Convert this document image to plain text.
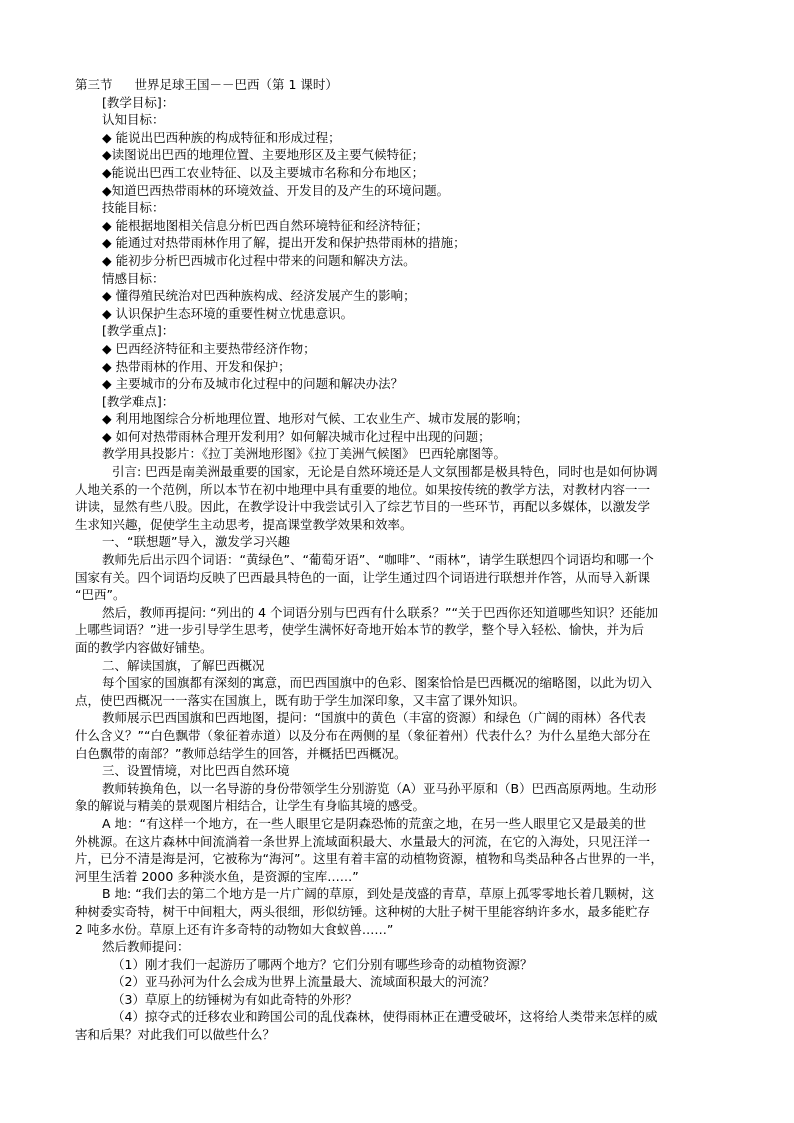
第三节 世界足球王国－－巴西（第 1 课时）
[教学目标]：
认知目标：
◆ 能说出巴西种族的构成特征和形成过程；
◆读图说出巴西的地理位置、主要地形区及主要气候特征；
◆能说出巴西工农业特征、以及主要城市名称和分布地区；
◆知道巴西热带雨林的环境效益、开发目的及产生的环境问题。
技能目标：
◆ 能根据地图相关信息分析巴西自然环境特征和经济特征；
◆ 能通过对热带雨林作用了解，提出开发和保护热带雨林的措施；
◆ 能初步分析巴西城市化过程中带来的问题和解决方法。
情感目标：
◆ 懂得殖民统治对巴西种族构成、经济发展产生的影响；
◆ 认识保护生态环境的重要性树立忧患意识。
[教学重点]：
◆ 巴西经济特征和主要热带经济作物；
◆ 热带雨林的作用、开发和保护；
◆ 主要城市的分布及城市化过程中的问题和解决办法？
[教学难点]：
◆ 利用地图综合分析地理位置、地形对气候、工农业生产、城市发展的影响；
◆ 如何对热带雨林合理开发利用？如何解决城市化过程中出现的问题；
教学用具投影片：《拉丁美洲地形图》《拉丁美洲气候图》 巴西轮廓图等。
引言: 巴西是南美洲最重要的国家，无论是自然环境还是人文氛围都是极具特色，同时也是如何协调
人地关系的一个范例，所以本节在初中地理中具有重要的地位。如果按传统的教学方法，对教材内容一一
讲读，显然有些八股。因此，在教学设计中我尝试引入了综艺节目的一些环节，再配以多媒体，以激发学
生求知兴趣，促使学生主动思考，提高课堂教学效果和效率。
一、“联想题”导入，激发学习兴趣
教师先后出示四个词语：“黄绿色”、“葡萄牙语”、“咖啡”、“雨林”，请学生联想四个词语均和哪一个
国家有关。四个词语均反映了巴西最具特色的一面，让学生通过四个词语进行联想并作答，从而导入新课
“巴西”。
然后，教师再提问: “列出的 4 个词语分别与巴西有什么联系？”“关于巴西你还知道哪些知识？还能加
上哪些词语？”进一步引导学生思考，使学生满怀好奇地开始本节的教学，整个导入轻松、愉快，并为后
面的教学内容做好铺垫。
二、解读国旗，了解巴西概况
每个国家的国旗都有深刻的寓意，而巴西国旗中的色彩、图案恰恰是巴西概况的缩略图，以此为切入
点，使巴西概况一一落实在国旗上，既有助于学生加深印象，又丰富了课外知识。
教师展示巴西国旗和巴西地图，提问：“国旗中的黄色（丰富的资源）和绿色（广阔的雨林）各代表
什么含义？”“白色飘带（象征着赤道）以及分布在两侧的星（象征着州）代表什么？为什么星绝大部分在
白色飘带的南部？”教师总结学生的回答，并概括巴西概况。
三、设置情境，对比巴西自然环境
教师转换角色，以一名导游的身份带领学生分别游览（A）亚马孙平原和（B）巴西高原两地。生动形
象的解说与精美的景观图片相结合，让学生有身临其境的感受。
A 地：“有这样一个地方，在一些人眼里它是阴森恐怖的荒蛮之地，在另一些人眼里它又是最美的世
外桃源。在这片森林中间流淌着一条世界上流域面积最大、水量最大的河流，在它的入海处，只见汪洋一
片，已分不清是海是河，它被称为“海河”。这里有着丰富的动植物资源，植物和鸟类品种各占世界的一半，
河里生活着 2000 多种淡水鱼，是资源的宝库……”
B 地: “我们去的第二个地方是一片广阔的草原，到处是茂盛的青草，草原上孤零零地长着几颗树，这
种树委实奇特，树干中间粗大，两头很细，形似纺锤。这种树的大肚子树干里能容纳许多水，最多能贮存
2 吨多水份。草原上还有许多奇特的动物如大食蚁兽……”
然后教师提问：
（1）刚才我们一起游历了哪两个地方？它们分别有哪些珍奇的动植物资源？
（2）亚马孙河为什么会成为世界上流量最大、流域面积最大的河流？
（3）草原上的纺锤树为有如此奇特的外形？
（4）掠夺式的迁移农业和跨国公司的乱伐森林，使得雨林正在遭受破坏，这将给人类带来怎样的威
害和后果？对此我们可以做些什么？
